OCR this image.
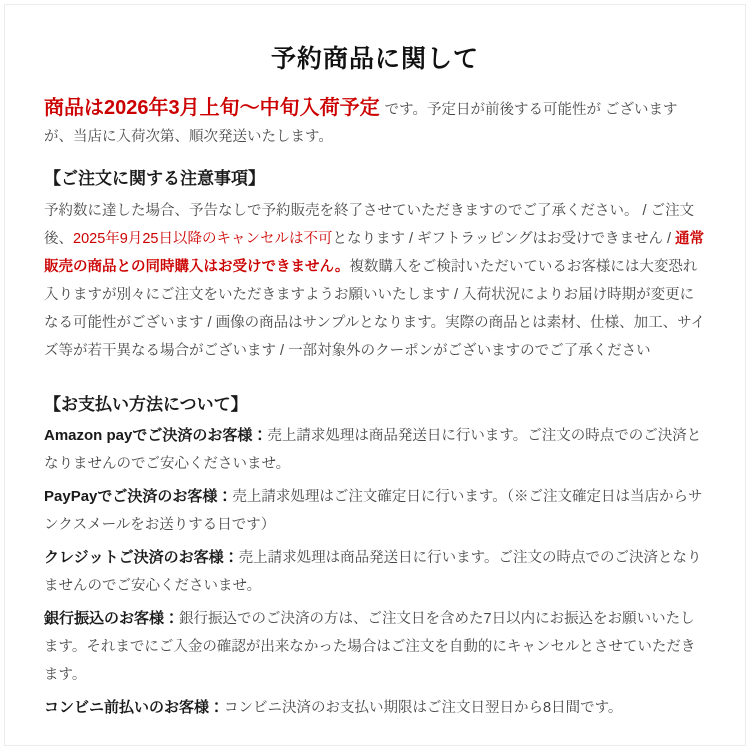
予約商品に関して

商品は2026年3月上旬〜中旬入荷予定 です。予定日が前後する可能性が ございますが、当店に入荷次第、順次発送いたします。

【ご注文に関する注意事項】

予約数に達した場合、予告なしで予約販売を終了させていただきますのでご了承ください。 / ご注文後、2025年9月25日以降のキャンセルは不可となります / ギフトラッピングはお受けできません / 通常販売の商品との同時購入はお受けできません。複数購入をご検討いただいているお客様には大変恐れ入りますが別々にご注文をいただきますようお願いいたします / 入荷状況によりお届け時期が変更になる可能性がございます / 画像の商品はサンプルとなります。実際の商品とは素材、仕様、加工、サイズ等が若干異なる場合がございます / 一部対象外のクーポンがございますのでご了承ください

【お支払い方法について】

Amazon payでご決済のお客様：売上請求処理は商品発送日に行います。ご注文の時点でのご決済となりませんのでご安心くださいませ。

PayPayでご決済のお客様：売上請求処理はご注文確定日に行います。（※ご注文確定日は当店からサンクスメールをお送りする日です）

クレジットご決済のお客様：売上請求処理は商品発送日に行います。ご注文の時点でのご決済となりませんのでご安心くださいませ。

銀行振込のお客様：銀行振込でのご決済の方は、ご注文日を含めた7日以内にお振込をお願いいたします。それまでにご入金の確認が出来なかった場合はご注文を自動的にキャンセルとさせていただきます。

コンビニ前払いのお客様：コンビニ決済のお支払い期限はご注文日翌日から8日間です。
